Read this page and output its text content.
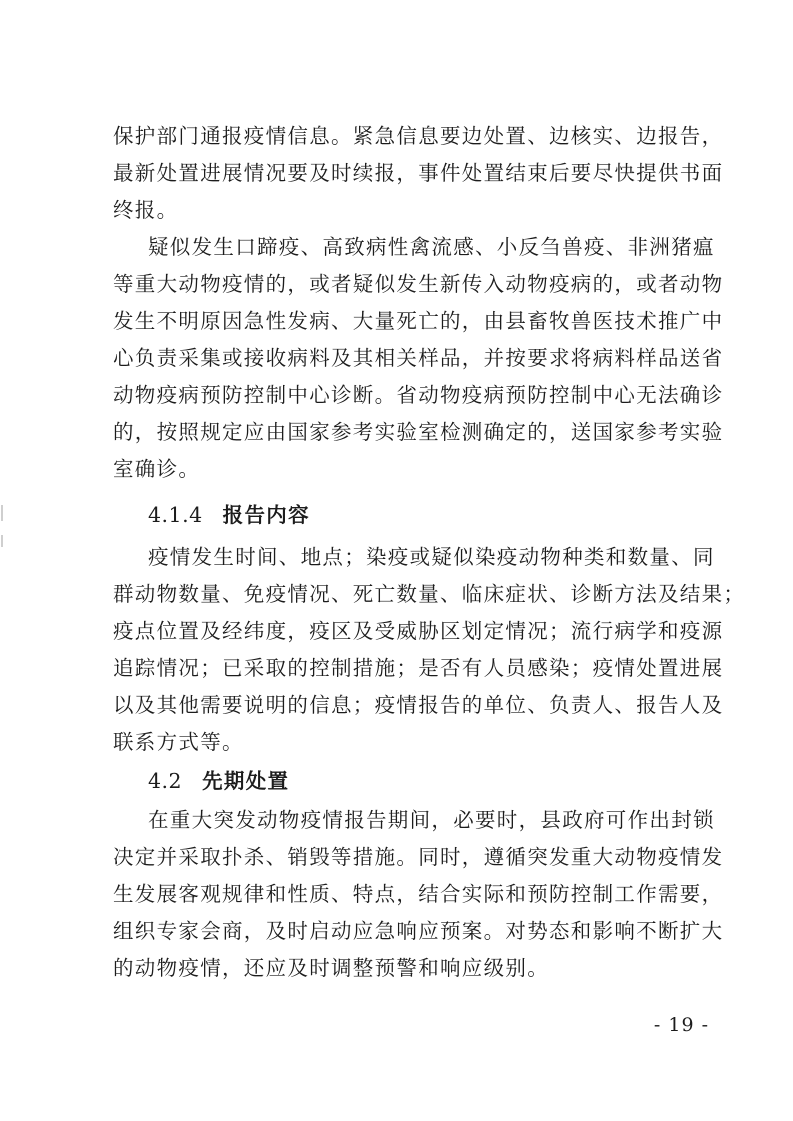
保护部门通报疫情信息。紧急信息要边处置、边核实、边报告，
最新处置进展情况要及时续报，事件处置结束后要尽快提供书面
终报。
疑似发生口蹄疫、高致病性禽流感、小反刍兽疫、非洲猪瘟
等重大动物疫情的，或者疑似发生新传入动物疫病的，或者动物
发生不明原因急性发病、大量死亡的，由县畜牧兽医技术推广中
心负责采集或接收病料及其相关样品，并按要求将病料样品送省
动物疫病预防控制中心诊断。省动物疫病预防控制中心无法确诊
的，按照规定应由国家参考实验室检测确定的，送国家参考实验
室确诊。
4.1.4 报告内容
疫情发生时间、地点；染疫或疑似染疫动物种类和数量、同
群动物数量、免疫情况、死亡数量、临床症状、诊断方法及结果；
疫点位置及经纬度，疫区及受威胁区划定情况；流行病学和疫源
追踪情况；已采取的控制措施；是否有人员感染；疫情处置进展
以及其他需要说明的信息；疫情报告的单位、负责人、报告人及
联系方式等。
4.2 先期处置
在重大突发动物疫情报告期间，必要时，县政府可作出封锁
决定并采取扑杀、销毁等措施。同时，遵循突发重大动物疫情发
生发展客观规律和性质、特点，结合实际和预防控制工作需要，
组织专家会商，及时启动应急响应预案。对势态和影响不断扩大
的动物疫情，还应及时调整预警和响应级别。
- 19 -
